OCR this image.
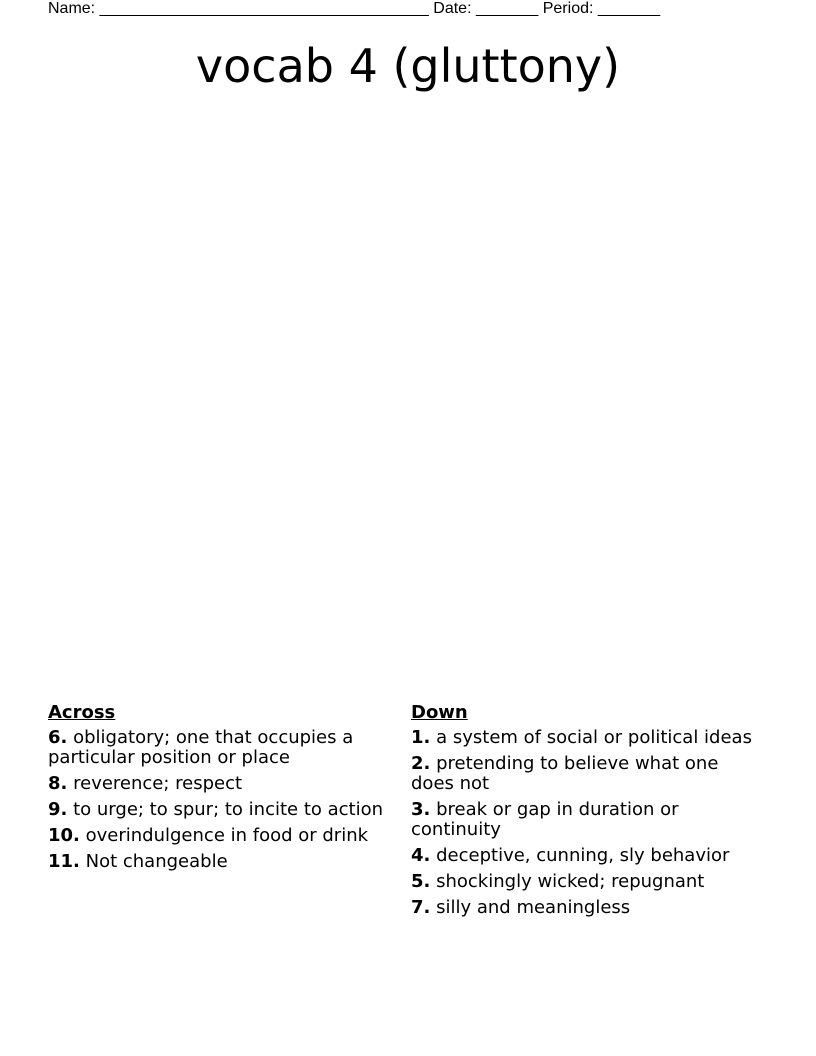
Name: _____________________________________ Date: _______ Period: _______
vocab 4 (gluttony)
Across
6. obligatory; one that occupies a particular position or place
8. reverence; respect
9. to urge; to spur; to incite to action
10. overindulgence in food or drink
11. Not changeable
Down
1. a system of social or political ideas
2. pretending to believe what one does not
3. break or gap in duration or continuity
4. deceptive, cunning, sly behavior
5. shockingly wicked; repugnant
7. silly and meaningless
